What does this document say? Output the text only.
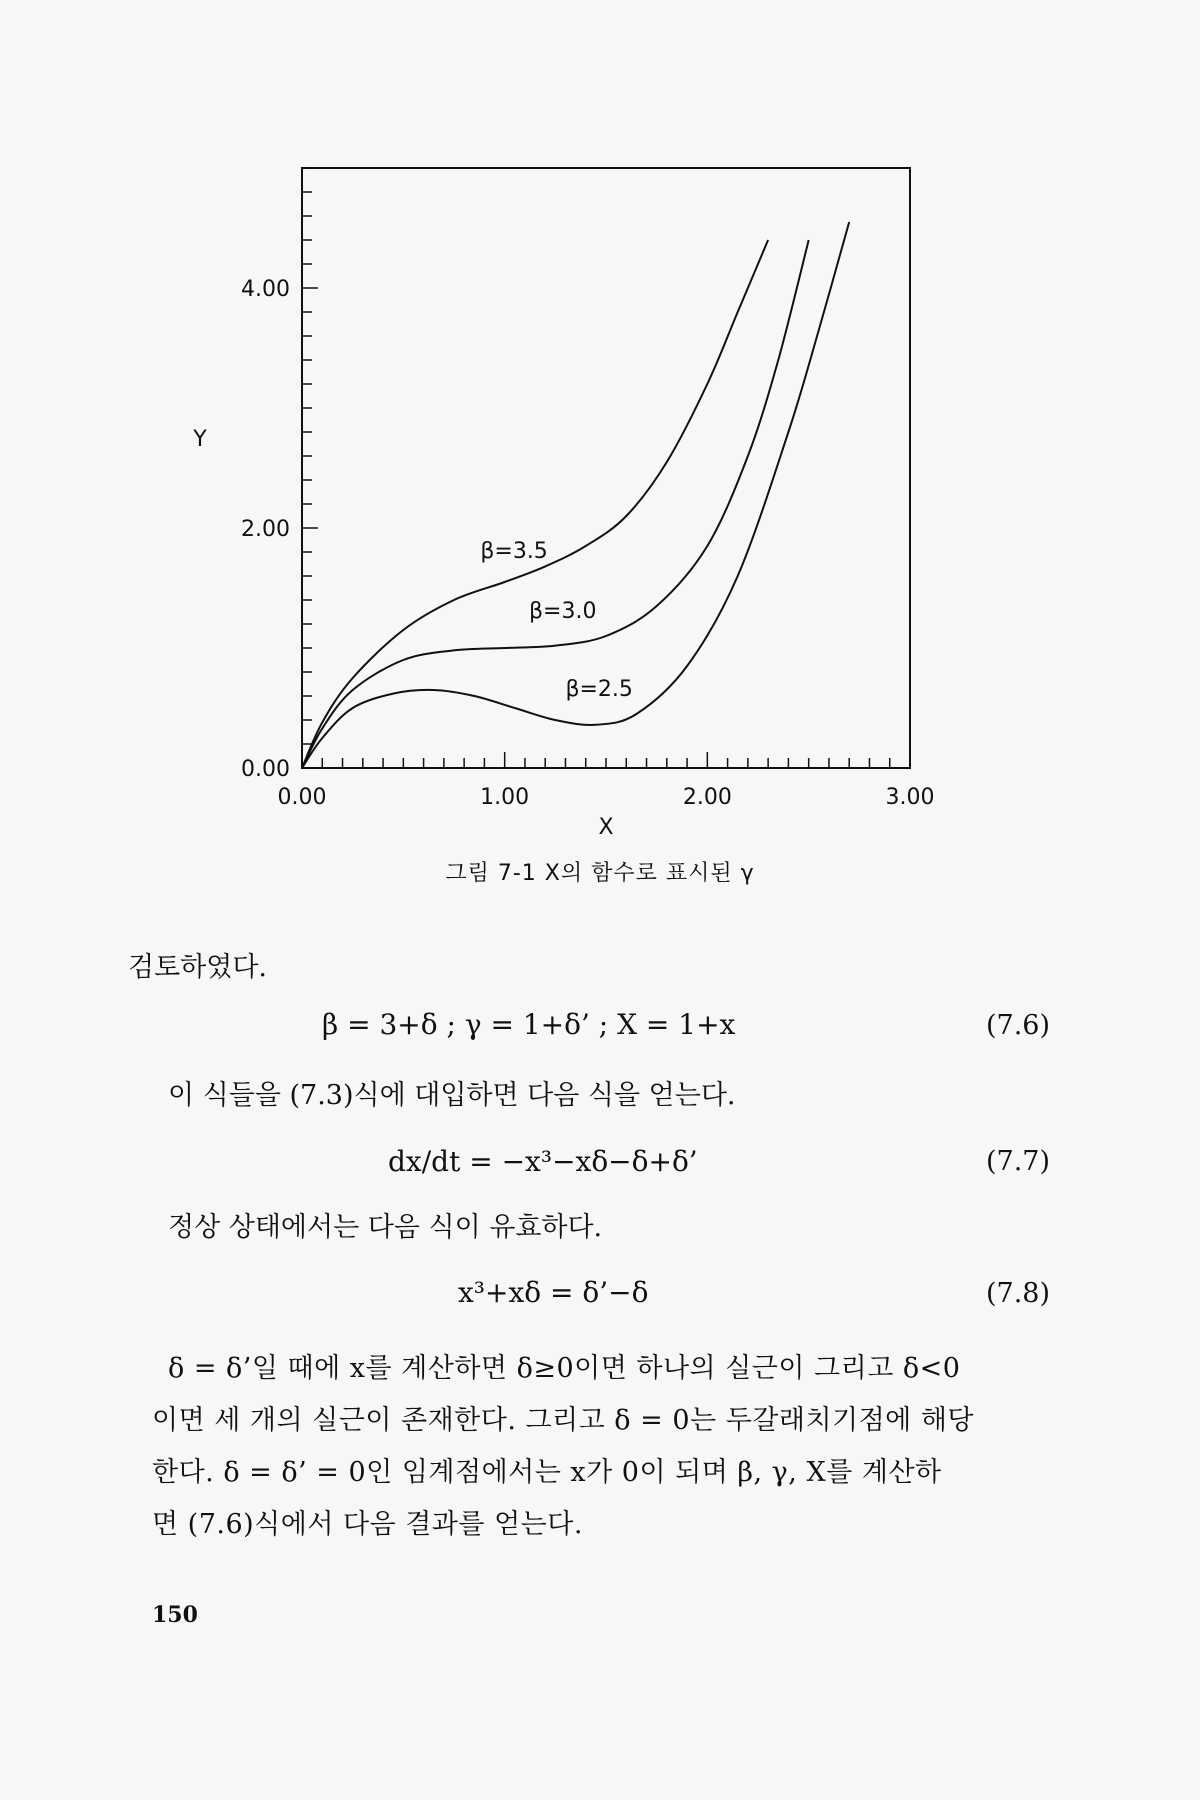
0.00	1.00	2.00	3.00
0.00
2.00
4.00
X
Y
β=3.5
β=3.0
β=2.5
그림 7-1 X의 함수로 표시된 γ
검토하였다.
β = 3+δ ; γ = 1+δ’ ; X = 1+x	(7.6)
이 식들을 (7.3)식에 대입하면 다음 식을 얻는다.
dx/dt = −x³−xδ−δ+δ’	(7.7)
정상 상태에서는 다음 식이 유효하다.
x³+xδ = δ’−δ	(7.8)
δ = δ’일 때에 x를 계산하면 δ≥0이면 하나의 실근이 그리고 δ<0
이면 세 개의 실근이 존재한다. 그리고 δ = 0는 두갈래치기점에 해당
한다. δ = δ’ = 0인 임계점에서는 x가 0이 되며 β, γ, X를 계산하
면 (7.6)식에서 다음 결과를 얻는다.
150
